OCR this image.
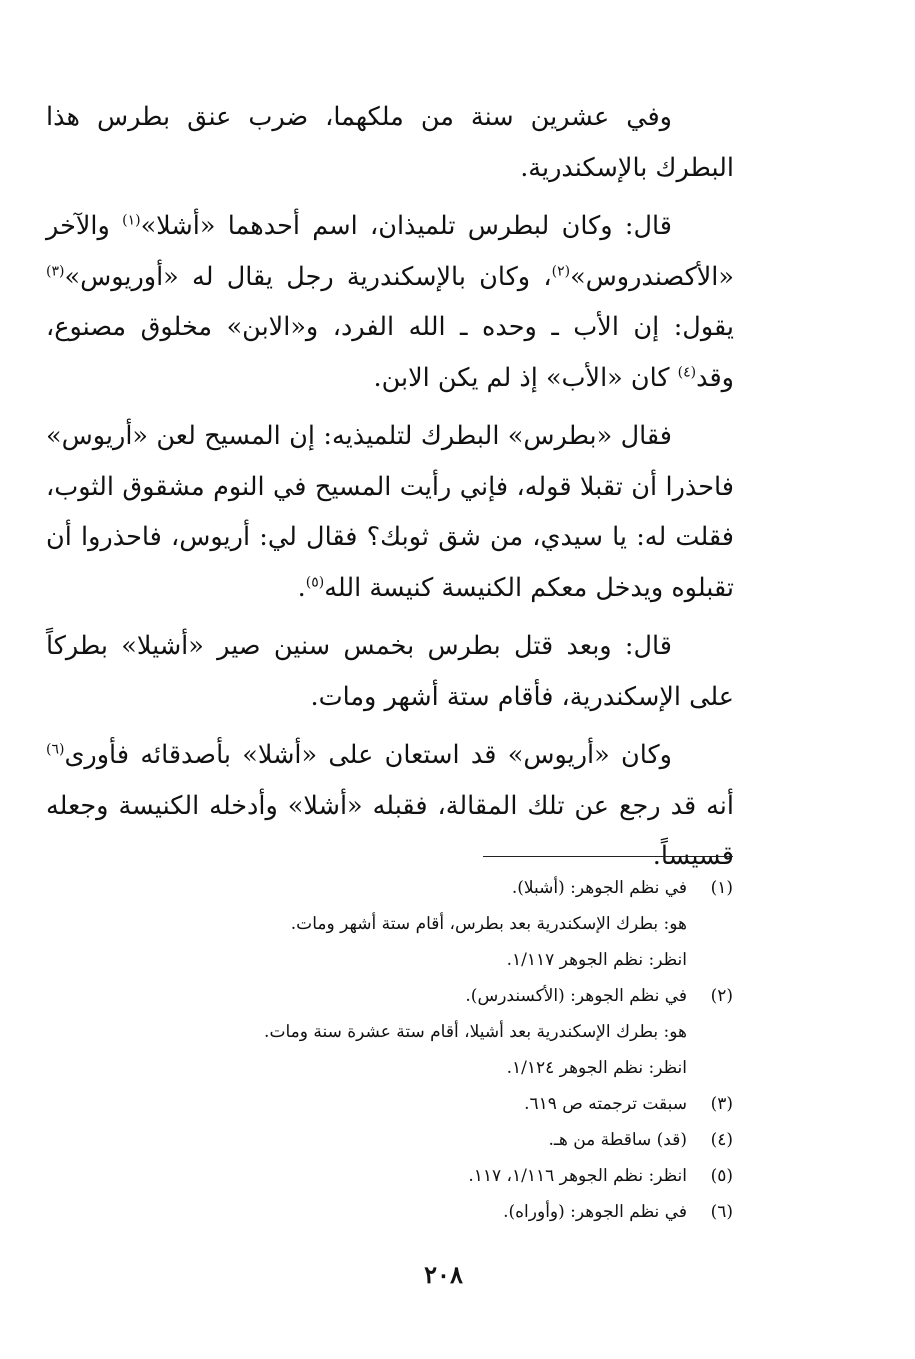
وفي عشرين سنة من ملكهما، ضرب عنق بطرس هذا البطرك بالإسكندرية.

قال: وكان لبطرس تلميذان، اسم أحدهما «أشلا»$^{(١)}$ والآخر «الأكصندروس»$^{(٢)}$، وكان بالإسكندرية رجل يقال له «أوريوس»$^{(٣)}$ يقول: إن الأب ـ وحده ـ الله الفرد، و«الابن» مخلوق مصنوع، وقد$^{(٤)}$ كان «الأب» إذ لم يكن الابن.

فقال «بطرس» البطرك لتلميذيه: إن المسيح لعن «أريوس» فاحذرا أن تقبلا قوله، فإني رأيت المسيح في النوم مشقوق الثوب، فقلت له: يا سيدي، من شق ثوبك؟ فقال لي: أريوس، فاحذروا أن تقبلوه ويدخل معكم الكنيسة كنيسة الله$^{(٥)}$.

قال: وبعد قتل بطرس بخمس سنين صير «أشيلا» بطركاً على الإسكندرية، فأقام ستة أشهر ومات.

وكان «أريوس» قد استعان على «أشلا» بأصدقائه فأورى$^{(٦)}$ أنه قد رجع عن تلك المقالة، فقبله «أشلا» وأدخله الكنيسة وجعله قسيساً.

(١)في نظم الجوهر: (أشبلا).
هو: بطرك الإسكندرية بعد بطرس، أقام ستة أشهر ومات.
انظر: نظم الجوهر ١/١١٧.
(٢)في نظم الجوهر: (الأكسندرس).
هو: بطرك الإسكندرية بعد أشيلا، أقام ستة عشرة سنة ومات.
انظر: نظم الجوهر ١/١٢٤.
(٣)سبقت ترجمته ص ٦١٩.
(٤)(قد) ساقطة من هـ.
(٥)انظر: نظم الجوهر ١/١١٦، ١١٧.
(٦)في نظم الجوهر: (وأوراه).
٢٠٨
